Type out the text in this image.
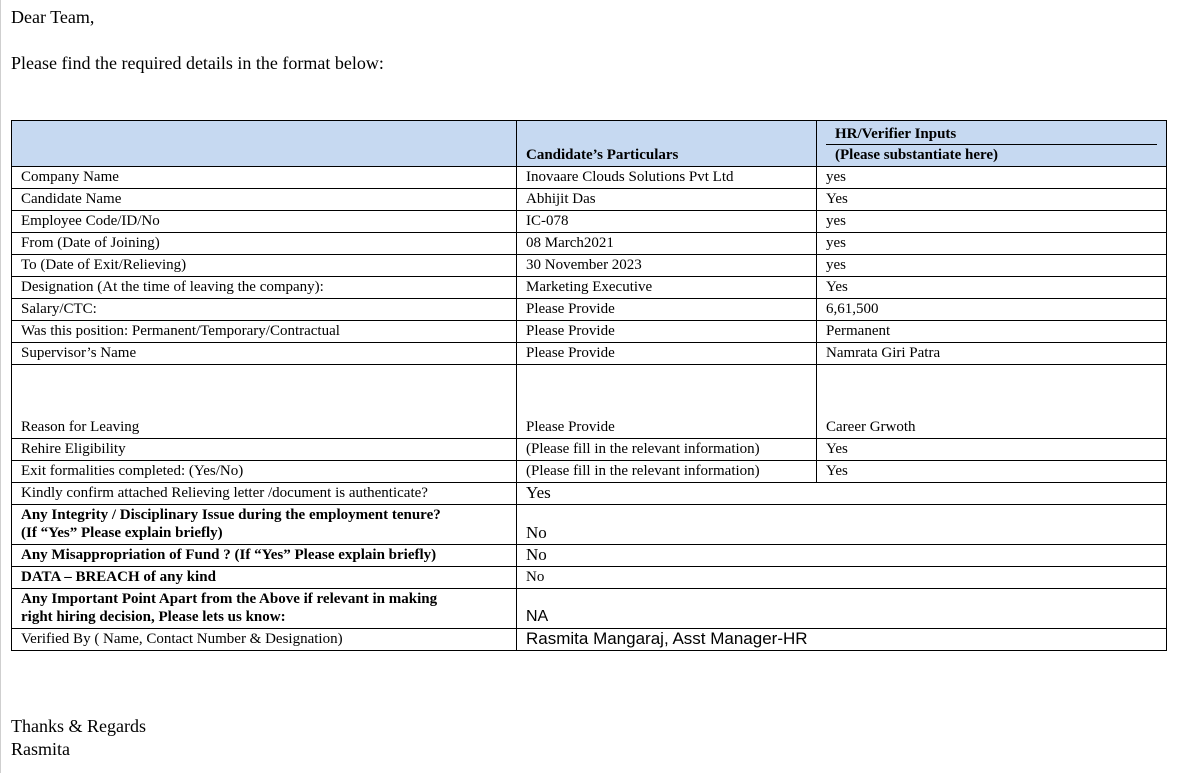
Dear Team,
Please find the required details in the format below:
	Candidate’s Particulars	HR/Verifier Inputs
(Please substantiate here)

Company Name	Inovaare Clouds Solutions Pvt Ltd	yes
Candidate Name	Abhijit Das	Yes
Employee Code/ID/No	IC-078	yes
From (Date of Joining)	08 March2021	yes
To (Date of Exit/Relieving)	30 November 2023	yes
Designation (At the time of leaving the company):	Marketing Executive	Yes
Salary/CTC:	Please Provide	6,61,500
Was this position: Permanent/Temporary/Contractual	Please Provide	Permanent
Supervisor’s Name	Please Provide	Namrata Giri Patra
Reason for Leaving	Please Provide	Career Grwoth
Rehire Eligibility	(Please fill in the relevant information)	Yes
Exit formalities completed: (Yes/No)	(Please fill in the relevant information)	Yes
Kindly confirm attached Relieving letter /document is authenticate?	Yes	

Any Integrity / Disciplinary Issue during the employment tenure?
(If “Yes” Please explain briefly)	No	
Any Misappropriation of Fund ? (If “Yes” Please explain briefly)	No	
DATA – BREACH of any kind	No	

Any Important Point Apart from the Above if relevant in making
right hiring decision, Please lets us know:	NA	
Verified By ( Name, Contact Number & Designation)	Rasmita Mangaraj, Asst Manager-HR	
Thanks & Regards
Rasmita
